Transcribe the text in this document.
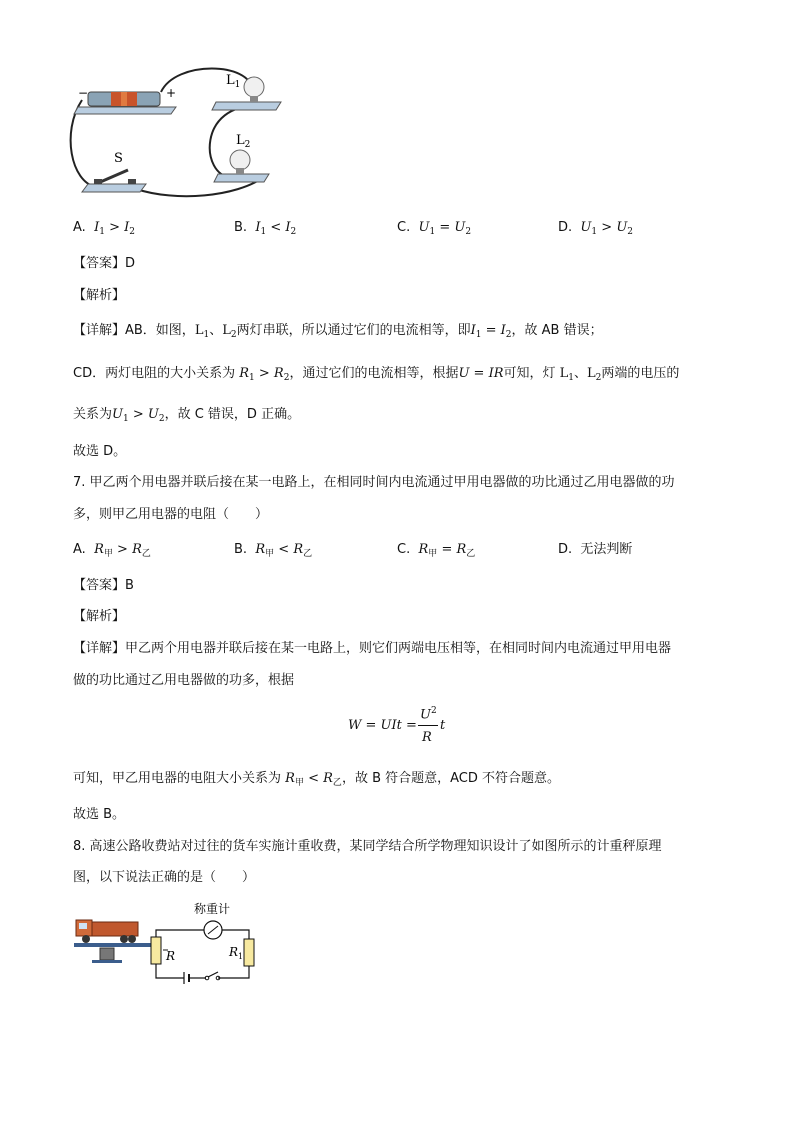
−	+
S
$L_1$
$L_2$
A. $I_1 > I_2$	B. $I_1 < I_2$	C. $U_1 = U_2$	D. $U_1 > U_2$
【答案】D
【解析】
【详解】AB．如图，$L_1$、$L_2$两灯串联，所以通过它们的电流相等，即$I_1 = I_2$，故 AB 错误；
CD．两灯电阻的大小关系为 $R_1 > R_2$，通过它们的电流相等，根据U = IR可知，灯 $L_1$、$L_2$两端的电压的
关系为$U_1 > U_2$，故 C 错误，D 正确。
故选 D。
7. 甲乙两个用电器并联后接在某一电路上，在相同时间内电流通过甲用电器做的功比通过乙用电器做的功
多，则甲乙用电器的电阻（　　）
A. $R_甲 > R_乙$	B. $R_甲 < R_乙$	C. $R_甲 = R_乙$	D. 无法判断
【答案】B
【解析】
【详解】甲乙两个用电器并联后接在某一电路上，则它们两端电压相等，在相同时间内电流通过甲用电器
做的功比通过乙用电器做的功多，根据
W = UIt =
$U^2$
R
t
可知，甲乙用电器的电阻大小关系为 $R_甲 < R_乙$，故 B 符合题意，ACD 不符合题意。
故选 B。
8. 高速公路收费站对过往的货车实施计重收费，某同学结合所学物理知识设计了如图所示的计重秤原理
图，以下说法正确的是（　　）
称重计
R	$R_1$
